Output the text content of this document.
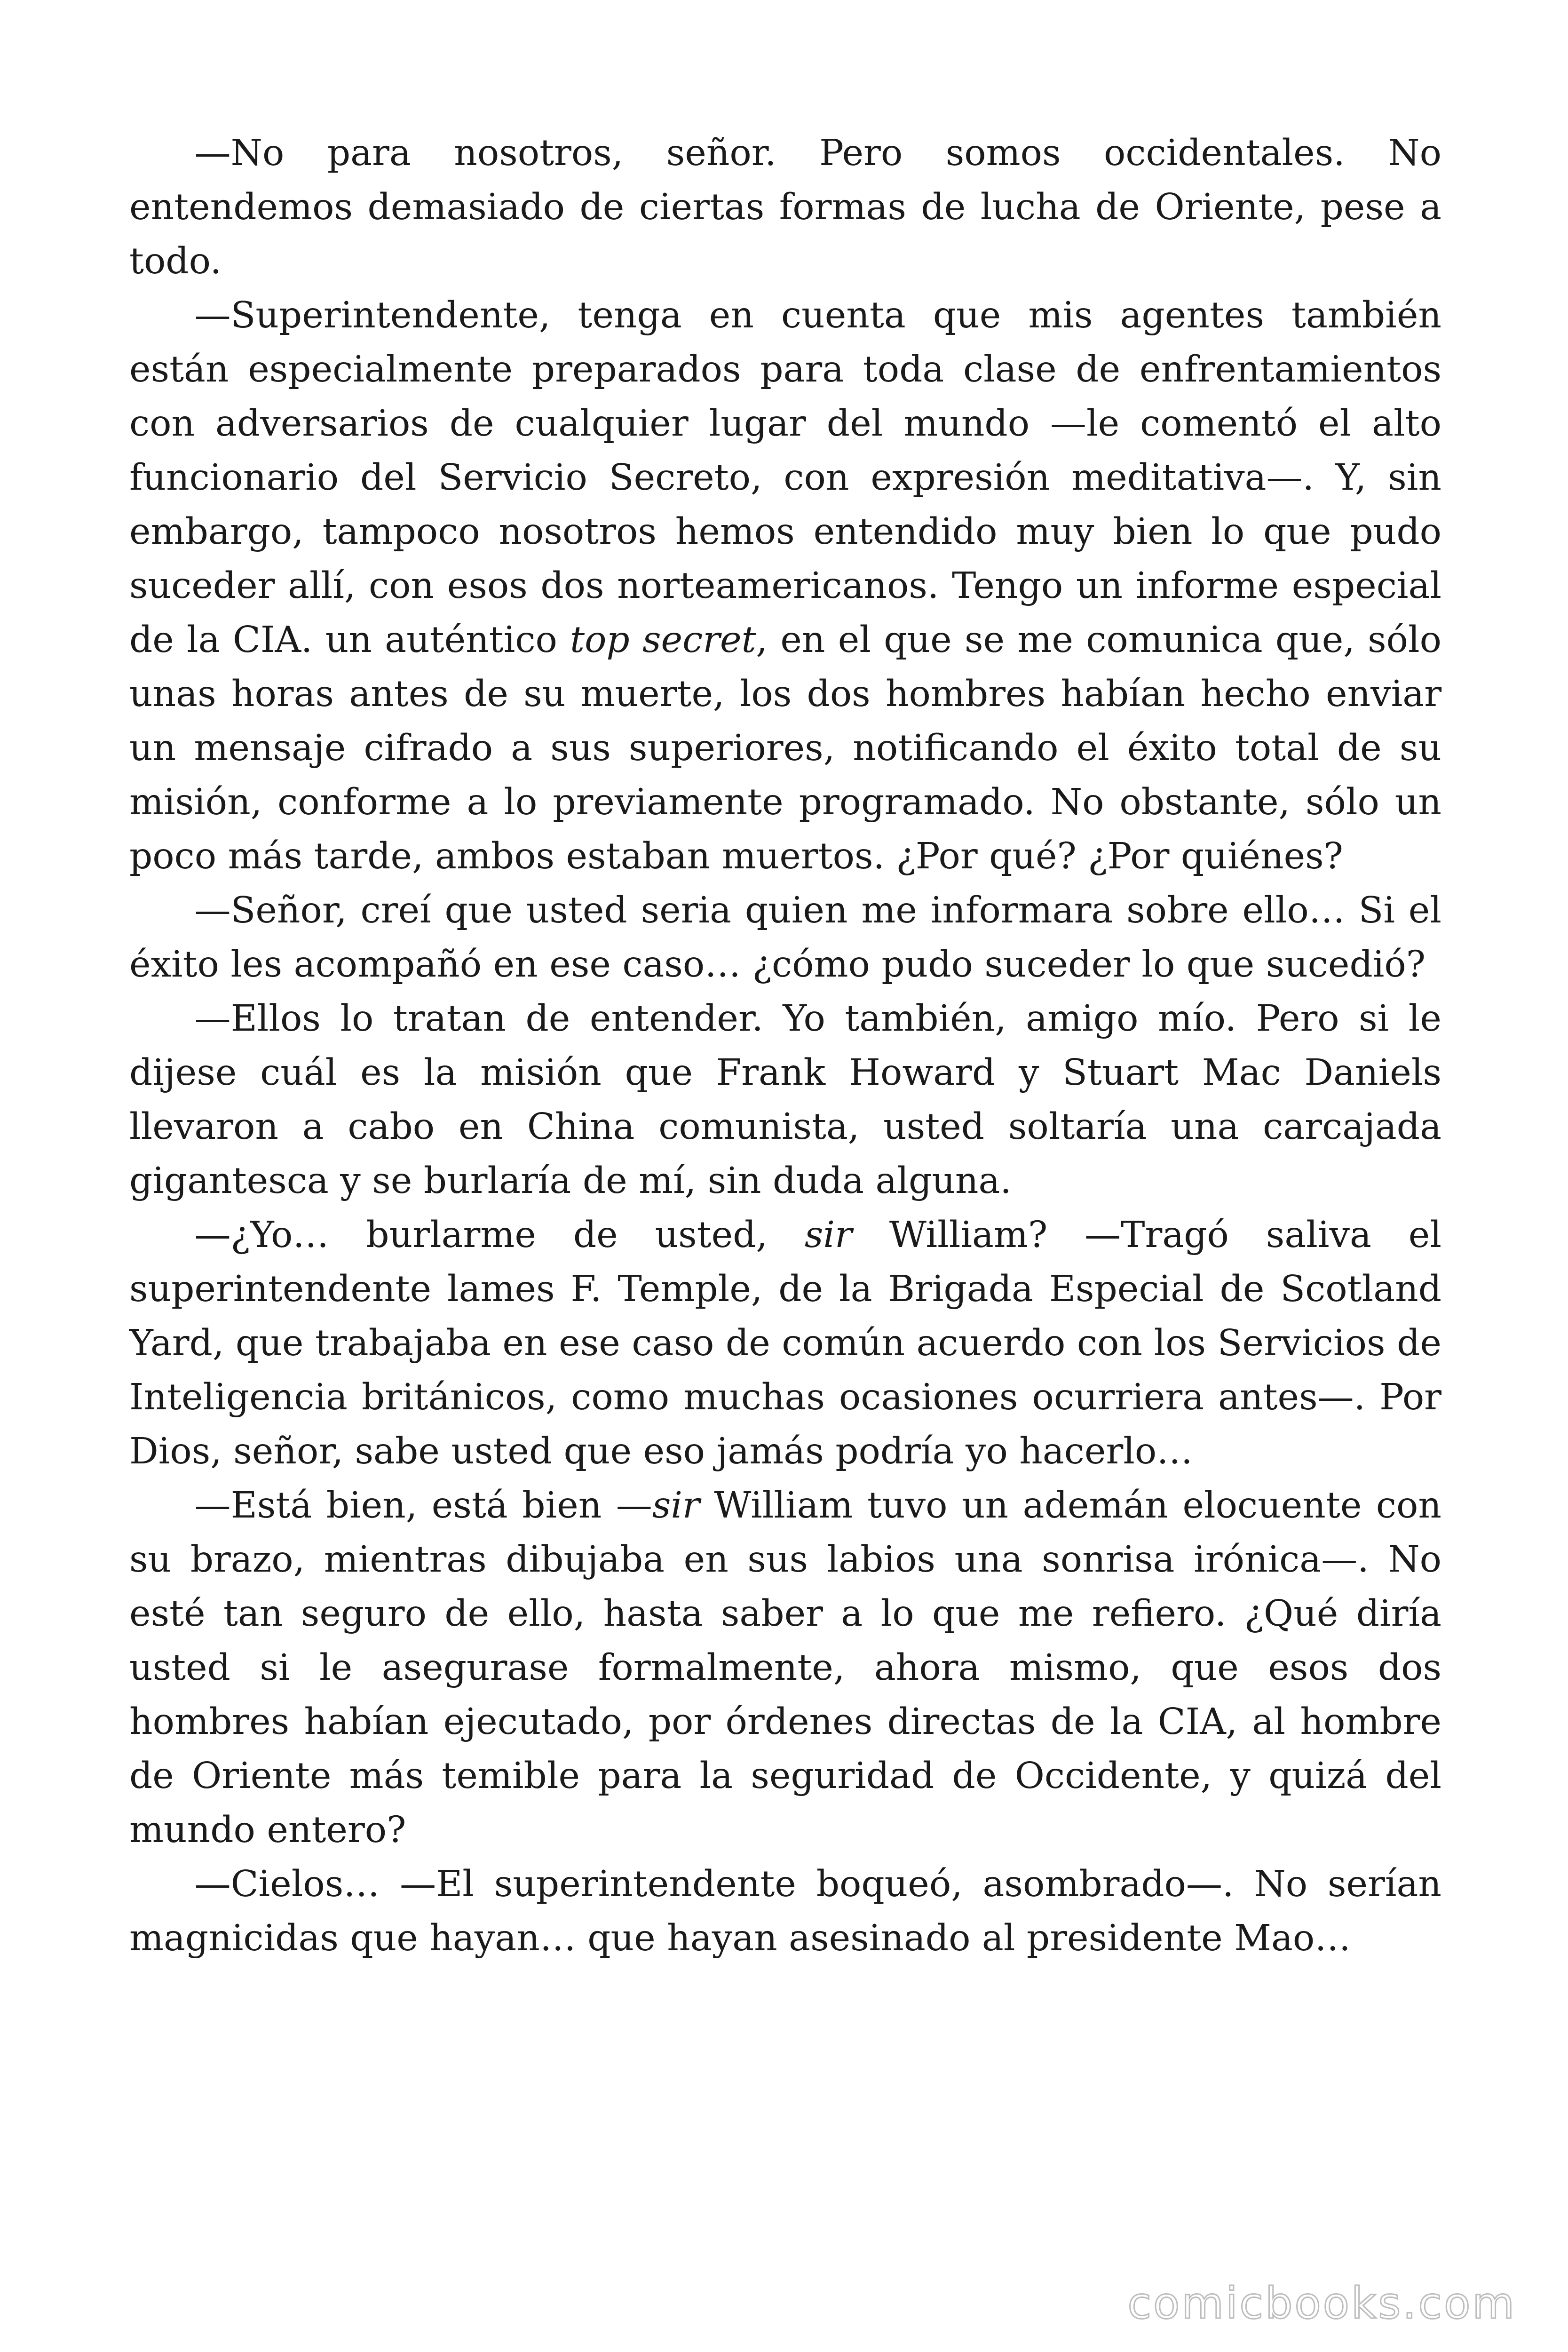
—No para nosotros, señor. Pero somos occidentales. No entendemos demasiado de ciertas formas de lucha de Oriente, pese a todo.

—Superintendente, tenga en cuenta que mis agentes también están especialmente preparados para toda clase de enfrentamientos con adversarios de cualquier lugar del mundo —le comentó el alto funcionario del Servicio Secreto, con expresión meditativa—. Y, sin embargo, tampoco nosotros hemos entendido muy bien lo que pudo suceder allí, con esos dos norteamericanos. Tengo un informe especial de la CIA. un auténtico top secret, en el que se me comunica que, sólo unas horas antes de su muerte, los dos hombres habían hecho enviar un mensaje cifrado a sus superiores, notificando el éxito total de su misión, conforme a lo previamente programado. No obstante, sólo un poco más tarde, ambos estaban muertos. ¿Por qué? ¿Por quiénes?

—Señor, creí que usted seria quien me informara sobre ello… Si el éxito les acompañó en ese caso… ¿cómo pudo suceder lo que sucedió?

—Ellos lo tratan de entender. Yo también, amigo mío. Pero si le dijese cuál es la misión que Frank Howard y Stuart Mac Daniels llevaron a cabo en China comunista, usted soltaría una carcajada gigantesca y se burlaría de mí, sin duda alguna.

—¿Yo… burlarme de usted, sir William? —Tragó saliva el superintendente lames F. Temple, de la Brigada Especial de Scotland Yard, que trabajaba en ese caso de común acuerdo con los Servicios de Inteligencia británicos, como muchas ocasiones ocurriera antes—. Por Dios, señor, sabe usted que eso jamás podría yo hacerlo…

—Está bien, está bien —sir William tuvo un ademán elocuente con su brazo, mientras dibujaba en sus labios una sonrisa irónica—. No esté tan seguro de ello, hasta saber a lo que me refiero. ¿Qué diría usted si le asegurase formalmente, ahora mismo, que esos dos hombres habían ejecutado, por órdenes directas de la CIA, al hombre de Oriente más temible para la seguridad de Occidente, y quizá del mundo entero?

—Cielos… —El superintendente boqueó, asombrado—. No serían magnicidas que hayan… que hayan asesinado al presidente Mao…

comicbooks.com
